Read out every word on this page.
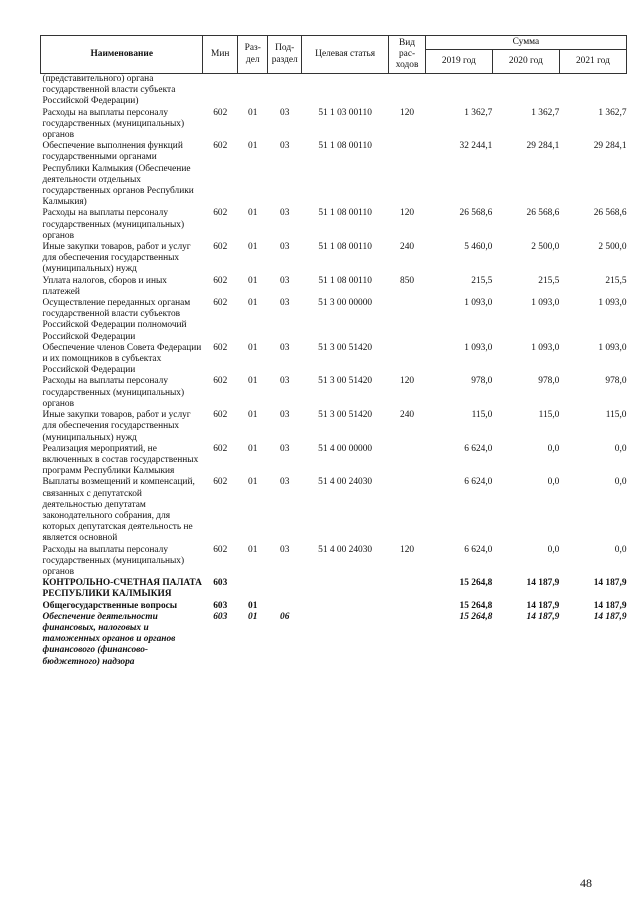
Наименование	Мин	Раз-дел	Под-раздел	Целевая статья	Вид рас-ходов	Сумма		
						2019 год	2020 год	2021 год
(представительного) органа государственной власти субъекта Российской Федерации)								
Расходы на выплаты персоналу государственных (муниципальных) органов	602	01	03	51 1 03 00110	120	1 362,7	1 362,7	1 362,7
Обеспечение выполнения функций государственными органами Республики Калмыкия (Обеспечение деятельности отдельных государственных органов Республики Калмыкия)	602	01	03	51 1 08 00110		32 244,1	29 284,1	29 284,1
Расходы на выплаты персоналу государственных (муниципальных) органов	602	01	03	51 1 08 00110	120	26 568,6	26 568,6	26 568,6
Иные закупки товаров, работ и услуг для обеспечения государственных (муниципальных) нужд	602	01	03	51 1 08 00110	240	5 460,0	2 500,0	2 500,0
Уплата налогов, сборов и иных платежей	602	01	03	51 1 08 00110	850	215,5	215,5	215,5
Осуществление переданных органам государственной власти субъектов Российской Федерации полномочий Российской Федерации	602	01	03	51 3 00 00000		1 093,0	1 093,0	1 093,0
Обеспечение членов Совета Федерации и их помощников в субъектах Российской Федерации	602	01	03	51 3 00 51420		1 093,0	1 093,0	1 093,0
Расходы на выплаты персоналу государственных (муниципальных) органов	602	01	03	51 3 00 51420	120	978,0	978,0	978,0
Иные закупки товаров, работ и услуг для обеспечения государственных (муниципальных) нужд	602	01	03	51 3 00 51420	240	115,0	115,0	115,0
Реализация мероприятий, не включенных в состав государственных программ Республики Калмыкия	602	01	03	51 4 00 00000		6 624,0	0,0	0,0
Выплаты возмещений и компенсаций, связанных с депутатской деятельностью депутатам законодательного собрания, для которых депутатская деятельность не является основной	602	01	03	51 4 00 24030		6 624,0	0,0	0,0
Расходы на выплаты персоналу государственных (муниципальных) органов	602	01	03	51 4 00 24030	120	6 624,0	0,0	0,0
КОНТРОЛЬНО-СЧЕТНАЯ ПАЛАТА РЕСПУБЛИКИ КАЛМЫКИЯ	603					15 264,8	14 187,9	14 187,9
Общегосударственные вопросы	603	01				15 264,8	14 187,9	14 187,9
Обеспечение деятельности финансовых, налоговых и таможенных органов и органов финансового (финансово-бюджетного) надзора	603	01	06			15 264,8	14 187,9	14 187,9
48
